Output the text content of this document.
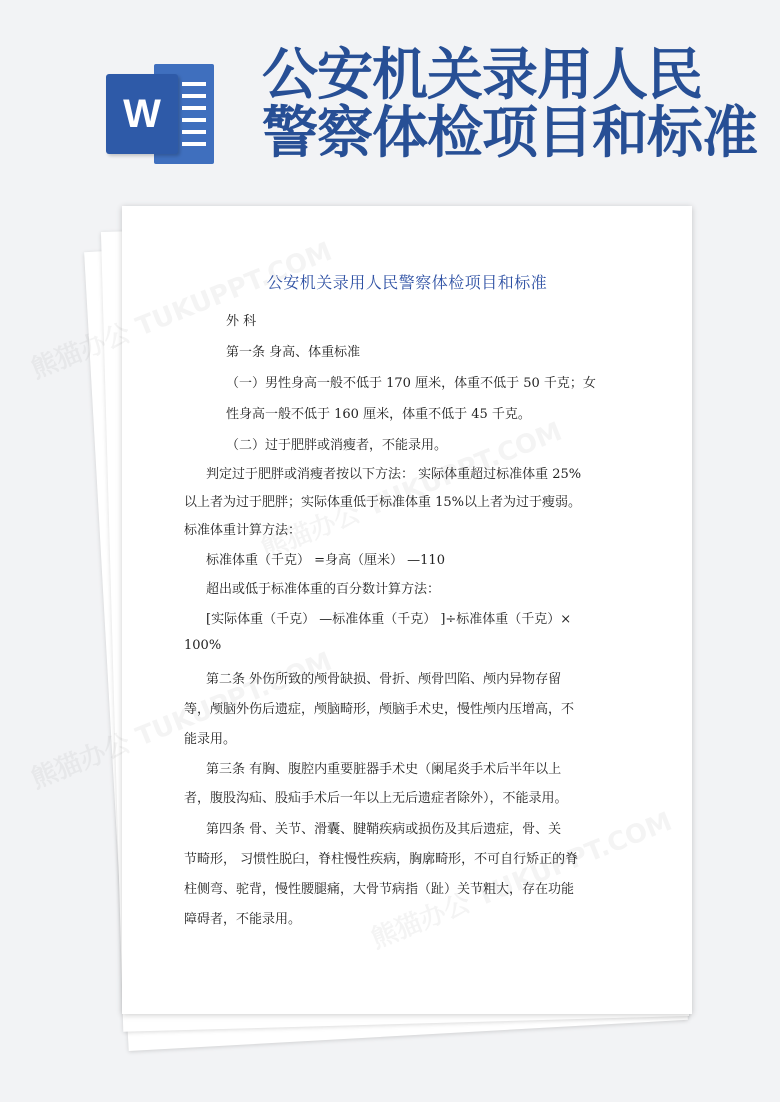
W
公安机关录用人民
警察体检项目和标准
公安机关录用人民警察体检项目和标准
外 科
第一条 身高、体重标准
（一）男性身高一般不低于 170 厘米，体重不低于 50 千克；女
性身高一般不低于 160 厘米，体重不低于 45 千克。
（二）过于肥胖或消瘦者，不能录用。
判定过于肥胖或消瘦者按以下方法： 实际体重超过标准体重 25%
以上者为过于肥胖；实际体重低于标准体重 15%以上者为过于瘦弱。
标准体重计算方法：
标准体重（千克） =身高（厘米） —110
超出或低于标准体重的百分数计算方法：
[实际体重（千克） —标准体重（千克） ]÷标准体重（千克）×
100%
第二条 外伤所致的颅骨缺损、骨折、颅骨凹陷、颅内异物存留
等，颅脑外伤后遗症，颅脑畸形，颅脑手术史，慢性颅内压增高，不
能录用。
第三条 有胸、腹腔内重要脏器手术史（阑尾炎手术后半年以上
者，腹股沟疝、股疝手术后一年以上无后遗症者除外），不能录用。
第四条 骨、关节、滑囊、腱鞘疾病或损伤及其后遗症，骨、关
节畸形， 习惯性脱臼，脊柱慢性疾病，胸廓畸形，不可自行矫正的脊
柱侧弯、驼背，慢性腰腿痛，大骨节病指（趾）关节粗大，存在功能
障碍者，不能录用。
